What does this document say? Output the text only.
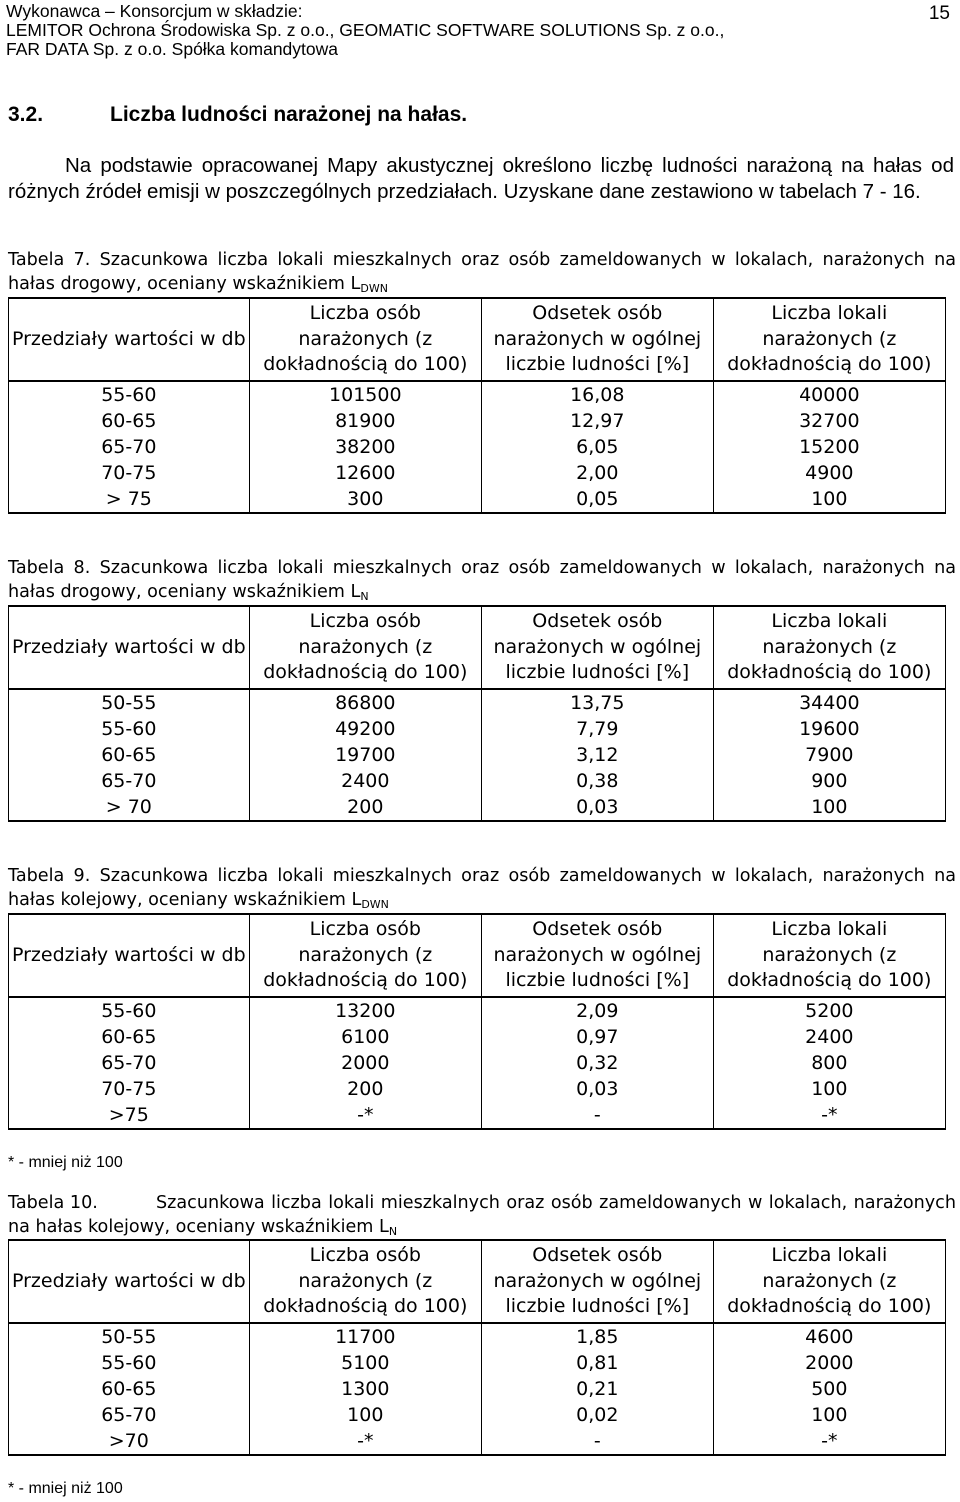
Wykonawca – Konsorcjum w składzie:
LEMITOR Ochrona Środowiska Sp. z o.o., GEOMATIC SOFTWARE SOLUTIONS Sp. z o.o.,
FAR DATA Sp. z o.o. Spółka komandytowa
15
3.2.	Liczba ludności narażonej na hałas.
Na podstawie opracowanej Mapy akustycznej określono liczbę ludności narażoną na hałas od różnych źródeł emisji w poszczególnych przedziałach. Uzyskane dane zestawiono w tabelach 7 - 16.
Tabela 7. Szacunkowa liczba lokali mieszkalnych oraz osób zameldowanych w lokalach, narażonych na hałas drogowy, oceniany wskaźnikiem $L_{DWN}$
Przedziały wartości w db	Liczba osób narażonych (z dokładnością do 100)	Odsetek osób narażonych w ogólnej liczbie ludności [%]	Liczba lokali narażonych (z dokładnością do 100)
55-60	101500	16,08	40000
60-65	81900	12,97	32700
65-70	38200	6,05	15200
70-75	12600	2,00	4900
> 75	300	0,05	100
Tabela 8. Szacunkowa liczba lokali mieszkalnych oraz osób zameldowanych w lokalach, narażonych na hałas drogowy, oceniany wskaźnikiem $L_N$
Przedziały wartości w db	Liczba osób narażonych (z dokładnością do 100)	Odsetek osób narażonych w ogólnej liczbie ludności [%]	Liczba lokali narażonych (z dokładnością do 100)
50-55	86800	13,75	34400
55-60	49200	7,79	19600
60-65	19700	3,12	7900
65-70	2400	0,38	900
> 70	200	0,03	100
Tabela 9. Szacunkowa liczba lokali mieszkalnych oraz osób zameldowanych w lokalach, narażonych na hałas kolejowy, oceniany wskaźnikiem $L_{DWN}$
Przedziały wartości w db	Liczba osób narażonych (z dokładnością do 100)	Odsetek osób narażonych w ogólnej liczbie ludności [%]	Liczba lokali narażonych (z dokładnością do 100)
55-60	13200	2,09	5200
60-65	6100	0,97	2400
65-70	2000	0,32	800
70-75	200	0,03	100
>75	-*	-	-*
* - mniej niż 100
Tabela 10.	Szacunkowa liczba lokali mieszkalnych oraz osób zameldowanych w lokalach, narażonych na hałas kolejowy, oceniany wskaźnikiem $L_N$
Przedziały wartości w db	Liczba osób narażonych (z dokładnością do 100)	Odsetek osób narażonych w ogólnej liczbie ludności [%]	Liczba lokali narażonych (z dokładnością do 100)
50-55	11700	1,85	4600
55-60	5100	0,81	2000
60-65	1300	0,21	500
65-70	100	0,02	100
>70	-*	-	-*
* - mniej niż 100
